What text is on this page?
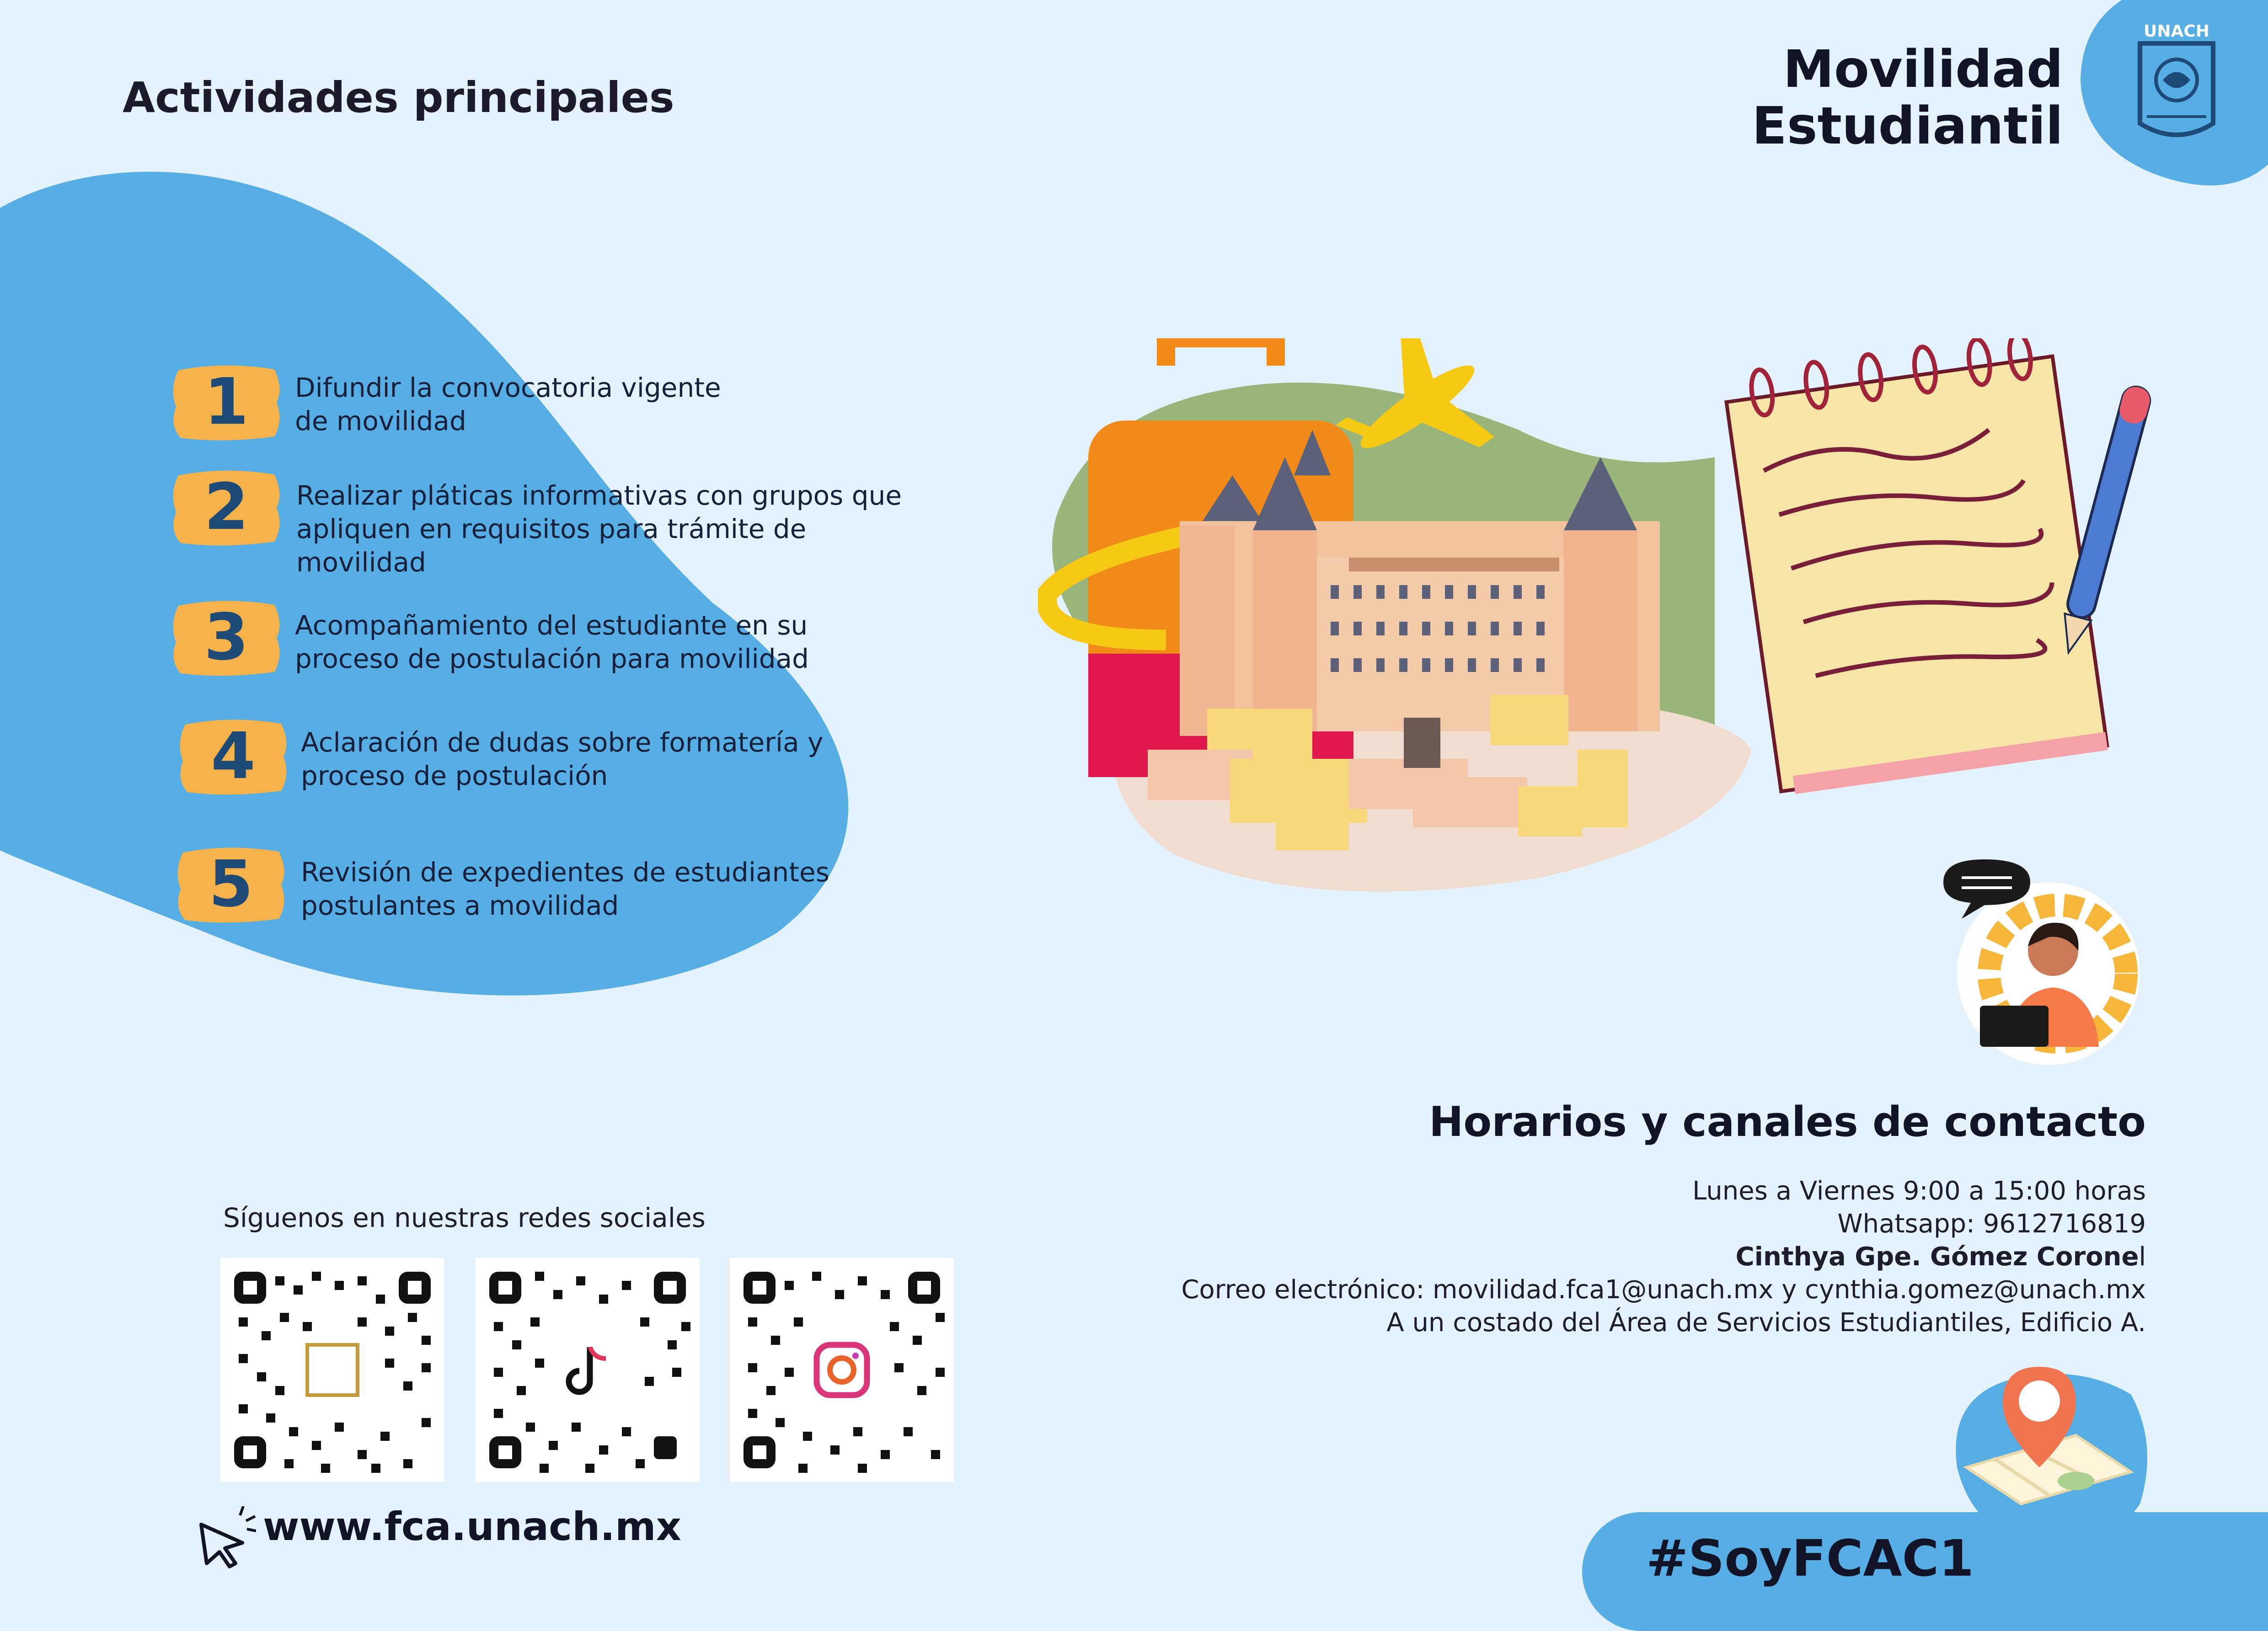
Actividades principales
1	Difundir la convocatoria vigente
de movilidad
2	Realizar pláticas informativas con grupos que
apliquen en requisitos para trámite de
movilidad
3	Acompañamiento del estudiante en su
proceso de postulación para movilidad
4	Aclaración de dudas sobre formatería y
proceso de postulación
5	Revisión de expedientes de estudiantes
postulantes a movilidad
Movilidad
Estudiantil
UNACH
Horarios y canales de contacto
Lunes a Viernes 9:00 a 15:00 horas
Whatsapp: 9612716819
Cinthya Gpe. Gómez Coronel
Correo electrónico: movilidad.fca1@unach.mx y cynthia.gomez@unach.mx
A un costado del Área de Servicios Estudiantiles, Edificio A.
Síguenos en nuestras redes sociales
www.fca.unach.mx
#SoyFCAC1
